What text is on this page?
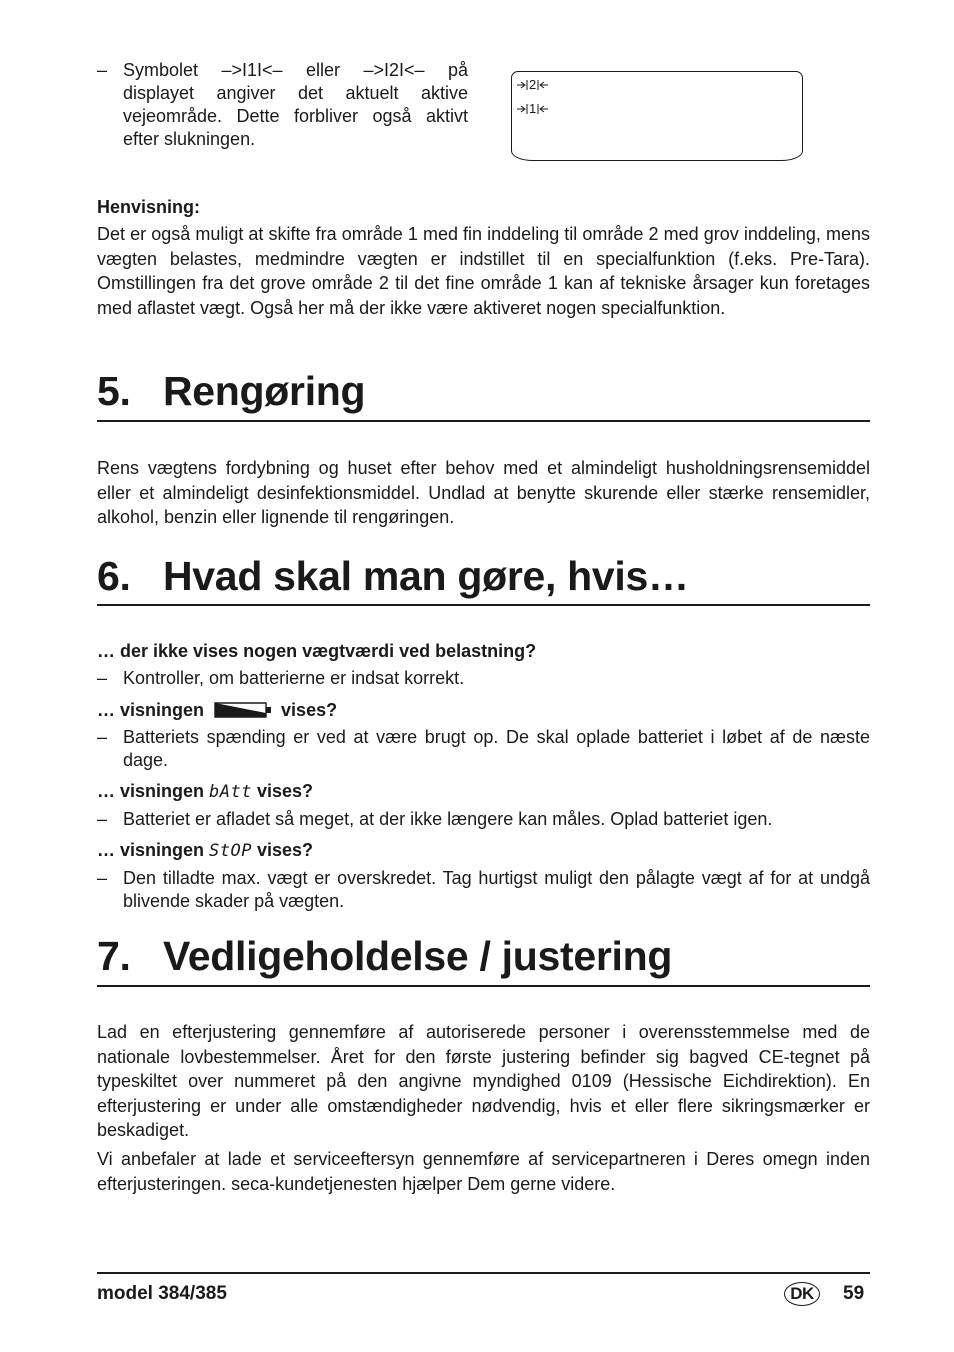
– Symbolet –>I1I<– eller –>I2I<– på displayet angiver det aktuelt aktive vejeområde. Dette forbliver også aktivt efter slukningen.
2
1
Henvisning:
Det er også muligt at skifte fra område 1 med fin inddeling til område 2 med grov inddeling, mens vægten belastes, medmindre vægten er indstillet til en specialfunktion (f.eks. Pre-Tara). Omstillingen fra det grove område 2 til det fine område 1 kan af tekniske årsager kun foretages med aflastet vægt. Også her må der ikke være aktiveret nogen specialfunktion.
5. Rengøring
Rens vægtens fordybning og huset efter behov med et almindeligt husholdningsrensemiddel eller et almindeligt desinfektionsmiddel. Undlad at benytte skurende eller stærke rensemidler, alkohol, benzin eller lignende til rengøringen.
6. Hvad skal man gøre, hvis…
… der ikke vises nogen vægtværdi ved belastning?
– Kontroller, om batterierne er indsat korrekt.
… visningen	vises?
– Batteriets spænding er ved at være brugt op. De skal oplade batteriet i løbet af de næste dage.
… visningen bAtt vises?
– Batteriet er afladet så meget, at der ikke længere kan måles. Oplad batteriet igen.
… visningen StOP vises?
– Den tilladte max. vægt er overskredet. Tag hurtigst muligt den pålagte vægt af for at undgå blivende skader på vægten.
7. Vedligeholdelse / justering
Lad en efterjustering gennemføre af autoriserede personer i overensstemmelse med de nationale lovbestemmelser. Året for den første justering befinder sig bagved CE-tegnet på typeskiltet over nummeret på den angivne myndighed 0109 (Hessische Eichdirektion). En efterjustering er under alle omstændigheder nødvendig, hvis et eller flere sikringsmærker er beskadiget.
Vi anbefaler at lade et serviceeftersyn gennemføre af servicepartneren i Deres omegn inden efterjusteringen. seca-kundetjenesten hjælper Dem gerne videre.
model 384/385	DK	59
